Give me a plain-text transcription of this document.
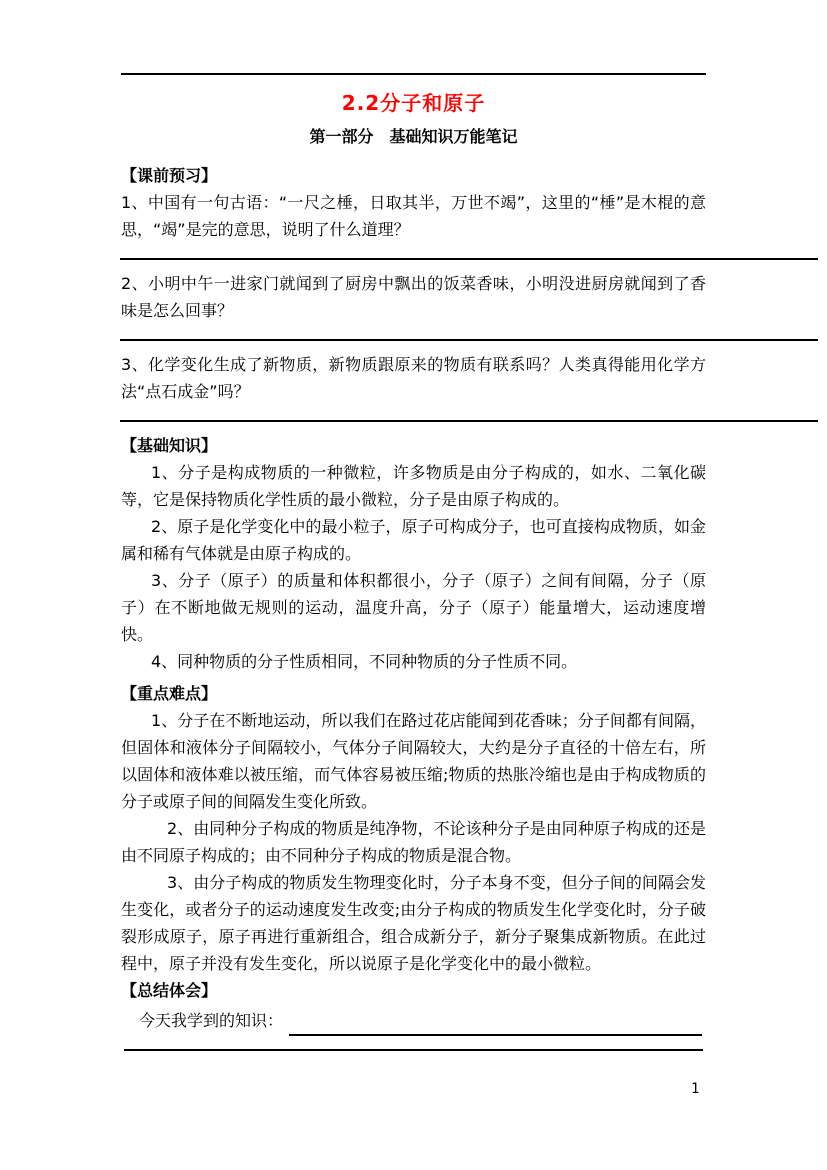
2.2分子和原子
第一部分　基础知识万能笔记
【课前预习】

1、中国有一句古语：“一尺之棰，日取其半，万世不竭”，这里的“棰”是木棍的意思，“竭”是完的意思，说明了什么道理？

2、小明中午一进家门就闻到了厨房中飘出的饭菜香味，小明没进厨房就闻到了香味是怎么回事？

3、化学变化生成了新物质，新物质跟原来的物质有联系吗？人类真得能用化学方法“点石成金”吗？

【基础知识】

1、分子是构成物质的一种微粒，许多物质是由分子构成的，如水、二氧化碳等，它是保持物质化学性质的最小微粒，分子是由原子构成的。

2、原子是化学变化中的最小粒子，原子可构成分子，也可直接构成物质，如金属和稀有气体就是由原子构成的。

3、分子（原子）的质量和体积都很小，分子（原子）之间有间隔，分子（原子）在不断地做无规则的运动，温度升高，分子（原子）能量增大，运动速度增快。

4、同种物质的分子性质相同，不同种物质的分子性质不同。

【重点难点】

1、分子在不断地运动，所以我们在路过花店能闻到花香味；分子间都有间隔，但固体和液体分子间隔较小，气体分子间隔较大，大约是分子直径的十倍左右，所以固体和液体难以被压缩，而气体容易被压缩;物质的热胀冷缩也是由于构成物质的分子或原子间的间隔发生变化所致。

2、由同种分子构成的物质是纯净物，不论该种分子是由同种原子构成的还是由不同原子构成的；由不同种分子构成的物质是混合物。

3、由分子构成的物质发生物理变化时，分子本身不变，但分子间的间隔会发生变化，或者分子的运动速度发生改变;由分子构成的物质发生化学变化时，分子破裂形成原子，原子再进行重新组合，组合成新分子，新分子聚集成新物质。在此过程中，原子并没有发生变化，所以说原子是化学变化中的最小微粒。

【总结体会】
今天我学到的知识：
1
